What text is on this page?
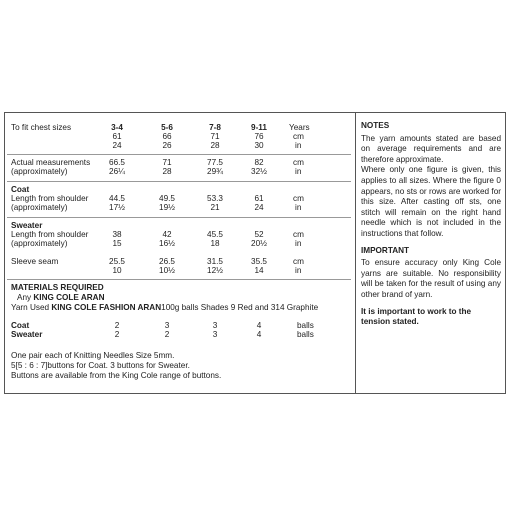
To fit chest sizes	3-4	5-6	7-8	9-11	Years
61	66	71	76	cm
24	26	28	30	in
Actual measurements
(approximately)
66.5	71	77.5	82	cm
26¼	28	29¾	32½	in
Coat
Length from shoulder
(approximately)
44.5	49.5	53.3	61	cm
17½	19½	21	24	in
Sweater
Length from shoulder
(approximately)
38	42	45.5	52	cm
15	16½	18	20½	in
Sleeve seam	25.5	26.5	31.5	35.5	cm
10	10½	12½	14	in
MATERIALS REQUIRED
Any KING COLE ARAN
Yarn Used KING COLE FASHION ARAN100g balls Shades 9 Red and 314 Graphite
Coat	2	3	3	4	balls
Sweater	2	2	3	4	balls
One pair each of Knitting Needles Size 5mm.
5[5 : 6 : 7]buttons for Coat. 3 buttons for Sweater.
Buttons are available from the King Cole range of buttons.

NOTES

The yarn amounts stated are based on average requirements and are therefore approximate.

Where only one figure is given, this applies to all sizes. Where the figure 0 appears, no sts or rows are worked for this size. After casting off sts, one stitch will remain on the right hand needle which is not included in the instructions that follow.

IMPORTANT

To ensure accuracy only King Cole yarns are suitable. No responsibility will be taken for the result of using any other brand of yarn.

It is important to work to the tension stated.
